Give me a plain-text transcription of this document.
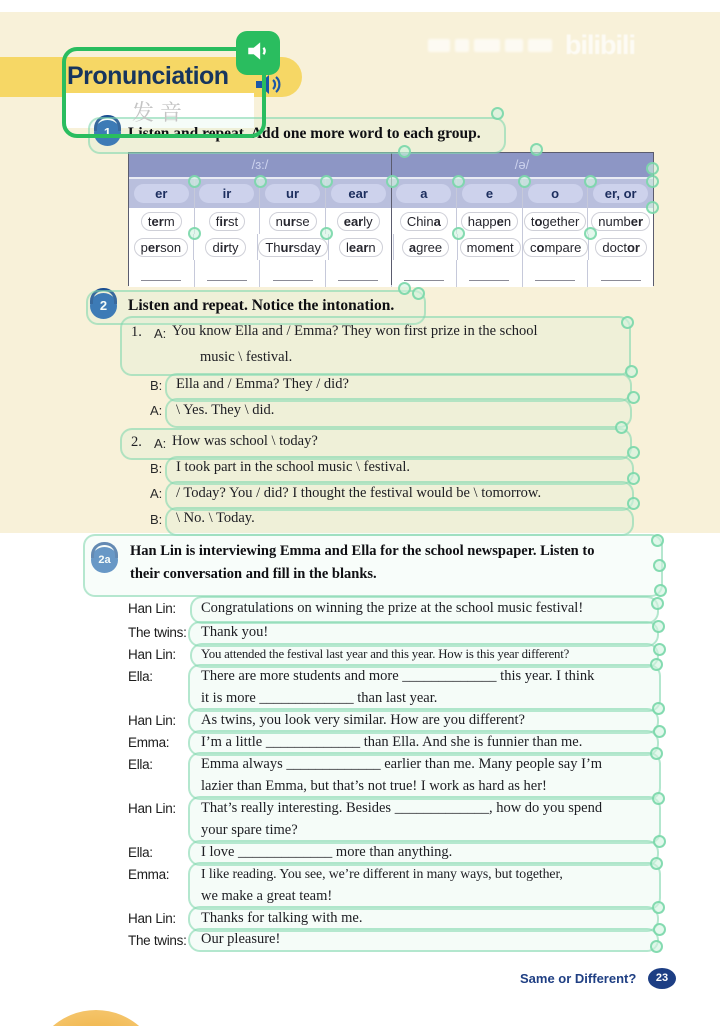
bilibili
Pronunciation
发音
1	Listen and repeat. Add one more word to each group.
/ɜ:/	/ə/
er	ir	ur	ear	a	e	o	er, or
term	first	nurse	early	China	happen	together	number
person	dirty	Thursday	learn	agree	moment	compare	doctor
2	Listen and repeat. Notice the intonation.
1. A: You know Ella and / Emma? They won first prize in the school
music \ festival.
B: Ella and / Emma? They / did?
A: \ Yes. They \ did.
2. A: How was school \ today?
B: I took part in the school music \ festival.
A: / Today? You / did? I thought the festival would be \ tomorrow.
B: \ No. \ Today.
2a
Han Lin is interviewing Emma and Ella for the school newspaper. Listen to
their conversation and fill in the blanks.
Han Lin: Congratulations on winning the prize at the school music festival!
The twins: Thank you!
Han Lin: You attended the festival last year and this year. How is this year different?
Ella:	There are more students and more _____________ this year. I think
it is more _____________ than last year.
Han Lin: As twins, you look very similar. How are you different?
Emma: I’m a little _____________ than Ella. And she is funnier than me.
Ella:	Emma always _____________ earlier than me. Many people say I’m
lazier than Emma, but that’s not true! I work as hard as her!
Han Lin: That’s really interesting. Besides _____________, how do you spend
your spare time?
Ella:	I love _____________ more than anything.
Emma: I like reading. You see, we’re different in many ways, but together,
we make a great team!
Han Lin: Thanks for talking with me.
The twins: Our pleasure!
Same or Different?	23
